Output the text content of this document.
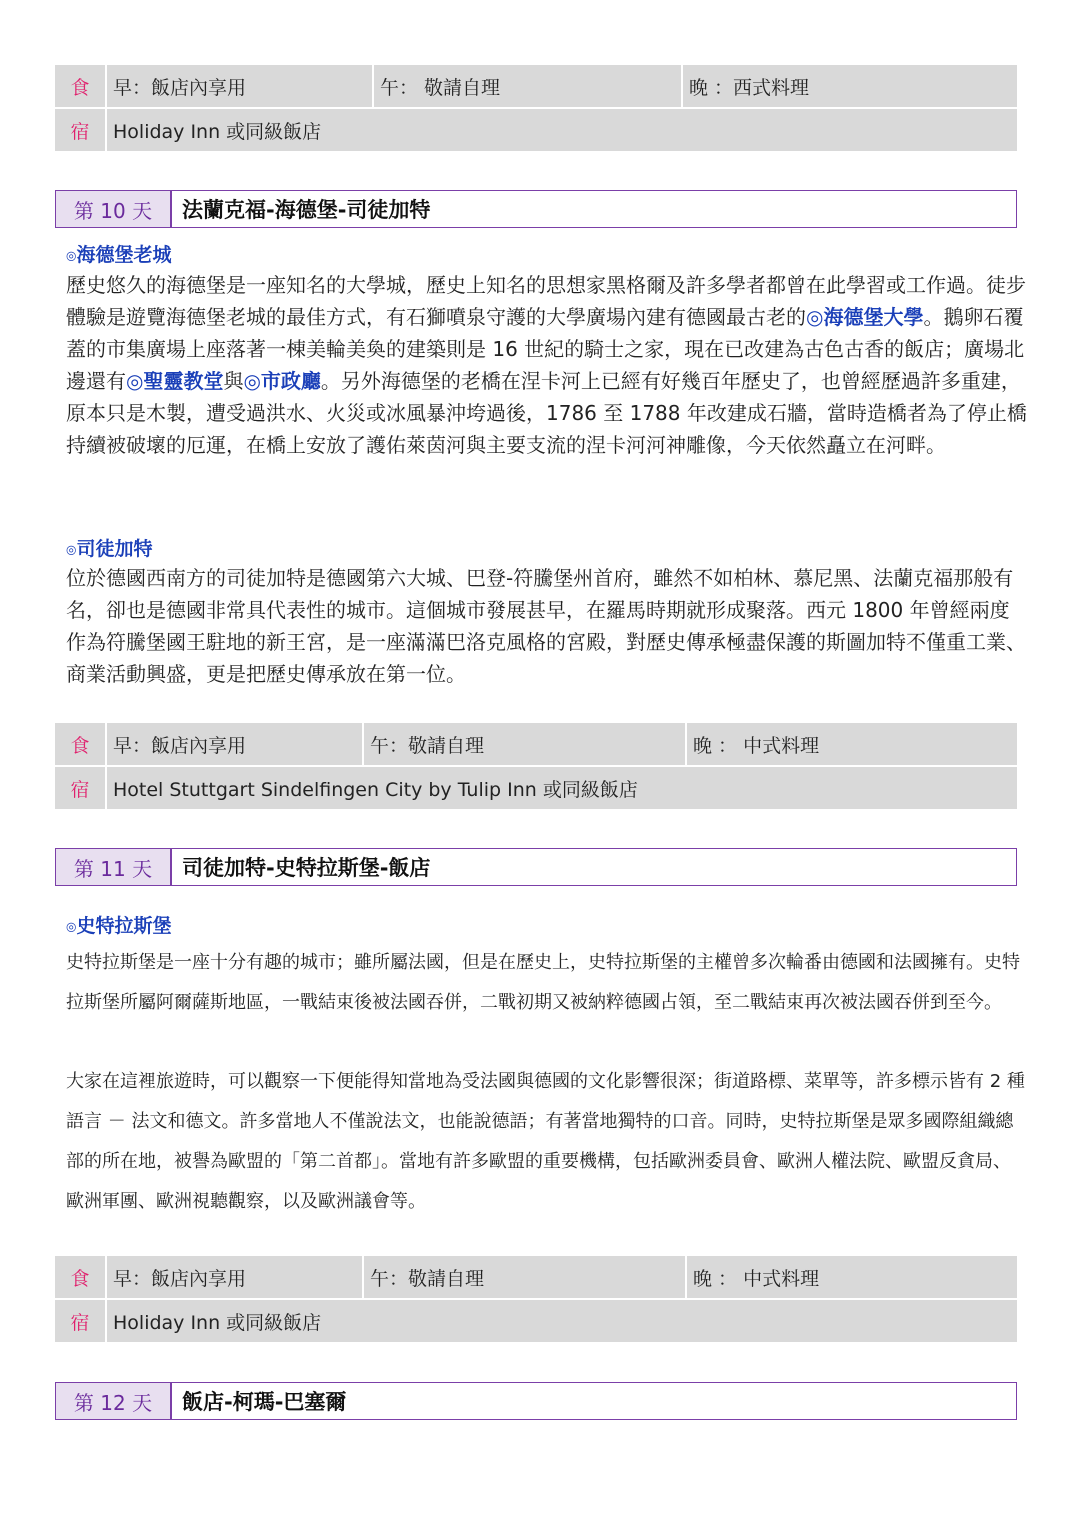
食	早：飯店內享用	午： 敬請自理	晚 ：西式料理
宿	Holiday Inn 或同級飯店		
第 10 天	法蘭克福-海德堡-司徒加特
◎海德堡老城
歷史悠久的海德堡是一座知名的大學城，歷史上知名的思想家黑格爾及許多學者都曾在此學習或工作過。徒步體驗是遊覽海德堡老城的最佳方式，有石獅噴泉守護的大學廣場內建有德國最古老的◎海德堡大學。鵝卵石覆蓋的市集廣場上座落著一棟美輪美奐的建築則是 16 世紀的騎士之家，現在已改建為古色古香的飯店；廣場北邊還有◎聖靈教堂與◎市政廳。另外海德堡的老橋在涅卡河上已經有好幾百年歷史了，也曾經歷過許多重建，原本只是木製，遭受過洪水、火災或冰風暴沖垮過後，1786 至 1788 年改建成石牆，當時造橋者為了停止橋持續被破壞的厄運，在橋上安放了護佑萊茵河與主要支流的涅卡河河神雕像，今天依然矗立在河畔。
◎司徒加特
位於德國西南方的司徒加特是德國第六大城、巴登-符騰堡州首府，雖然不如柏林、慕尼黑、法蘭克福那般有名，卻也是德國非常具代表性的城市。這個城市發展甚早，在羅馬時期就形成聚落。西元 1800 年曾經兩度作為符騰堡國王駐地的新王宮，是一座滿滿巴洛克風格的宮殿，對歷史傳承極盡保護的斯圖加特不僅重工業、商業活動興盛，更是把歷史傳承放在第一位。
食	早：飯店內享用	午：敬請自理	晚 ： 中式料理
宿	Hotel Stuttgart Sindelfingen City by Tulip Inn 或同級飯店		
第 11 天	司徒加特-史特拉斯堡-飯店
◎史特拉斯堡
史特拉斯堡是一座十分有趣的城市；雖所屬法國，但是在歷史上，史特拉斯堡的主權曾多次輪番由德國和法國擁有。史特拉斯堡所屬阿爾薩斯地區，一戰結束後被法國吞併，二戰初期又被納粹德國占領，至二戰結束再次被法國吞併到至今。
大家在這裡旅遊時，可以觀察一下便能得知當地為受法國與德國的文化影響很深；街道路標、菜單等，許多標示皆有 2 種語言 － 法文和德文。許多當地人不僅說法文，也能說德語；有著當地獨特的口音。同時，史特拉斯堡是眾多國際組織總部的所在地，被譽為歐盟的「第二首都」。當地有許多歐盟的重要機構，包括歐洲委員會、歐洲人權法院、歐盟反貪局、歐洲軍團、歐洲視聽觀察，以及歐洲議會等。
食	早：飯店內享用	午：敬請自理	晚 ： 中式料理
宿	Holiday Inn 或同級飯店		
第 12 天	飯店-柯瑪-巴塞爾
